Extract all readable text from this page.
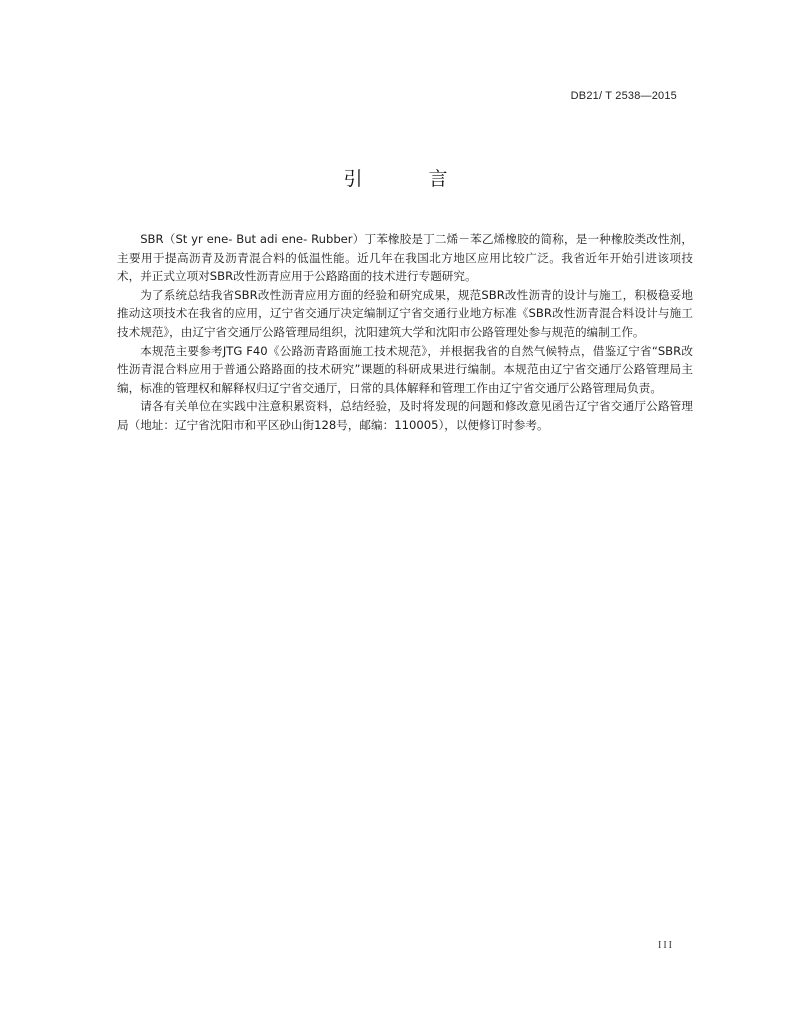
DB21/ T 2538—2015
引 言

SBR（St yr ene- But adi ene- Rubber）丁苯橡胶是丁二烯－苯乙烯橡胶的简称，是一种橡胶类改性剂，主要用于提高沥青及沥青混合料的低温性能。近几年在我国北方地区应用比较广泛。我省近年开始引进该项技术，并正式立项对SBR改性沥青应用于公路路面的技术进行专题研究。

为了系统总结我省SBR改性沥青应用方面的经验和研究成果，规范SBR改性沥青的设计与施工，积极稳妥地推动这项技术在我省的应用，辽宁省交通厅决定编制辽宁省交通行业地方标准《SBR改性沥青混合料设计与施工技术规范》，由辽宁省交通厅公路管理局组织，沈阳建筑大学和沈阳市公路管理处参与规范的编制工作。

本规范主要参考JTG F40《公路沥青路面施工技术规范》，并根据我省的自然气候特点，借鉴辽宁省“SBR改性沥青混合料应用于普通公路路面的技术研究”课题的科研成果进行编制。本规范由辽宁省交通厅公路管理局主编，标准的管理权和解释权归辽宁省交通厅，日常的具体解释和管理工作由辽宁省交通厅公路管理局负责。

请各有关单位在实践中注意积累资料，总结经验，及时将发现的问题和修改意见函告辽宁省交通厅公路管理局（地址：辽宁省沈阳市和平区砂山街128号，邮编：110005），以便修订时参考。

III
